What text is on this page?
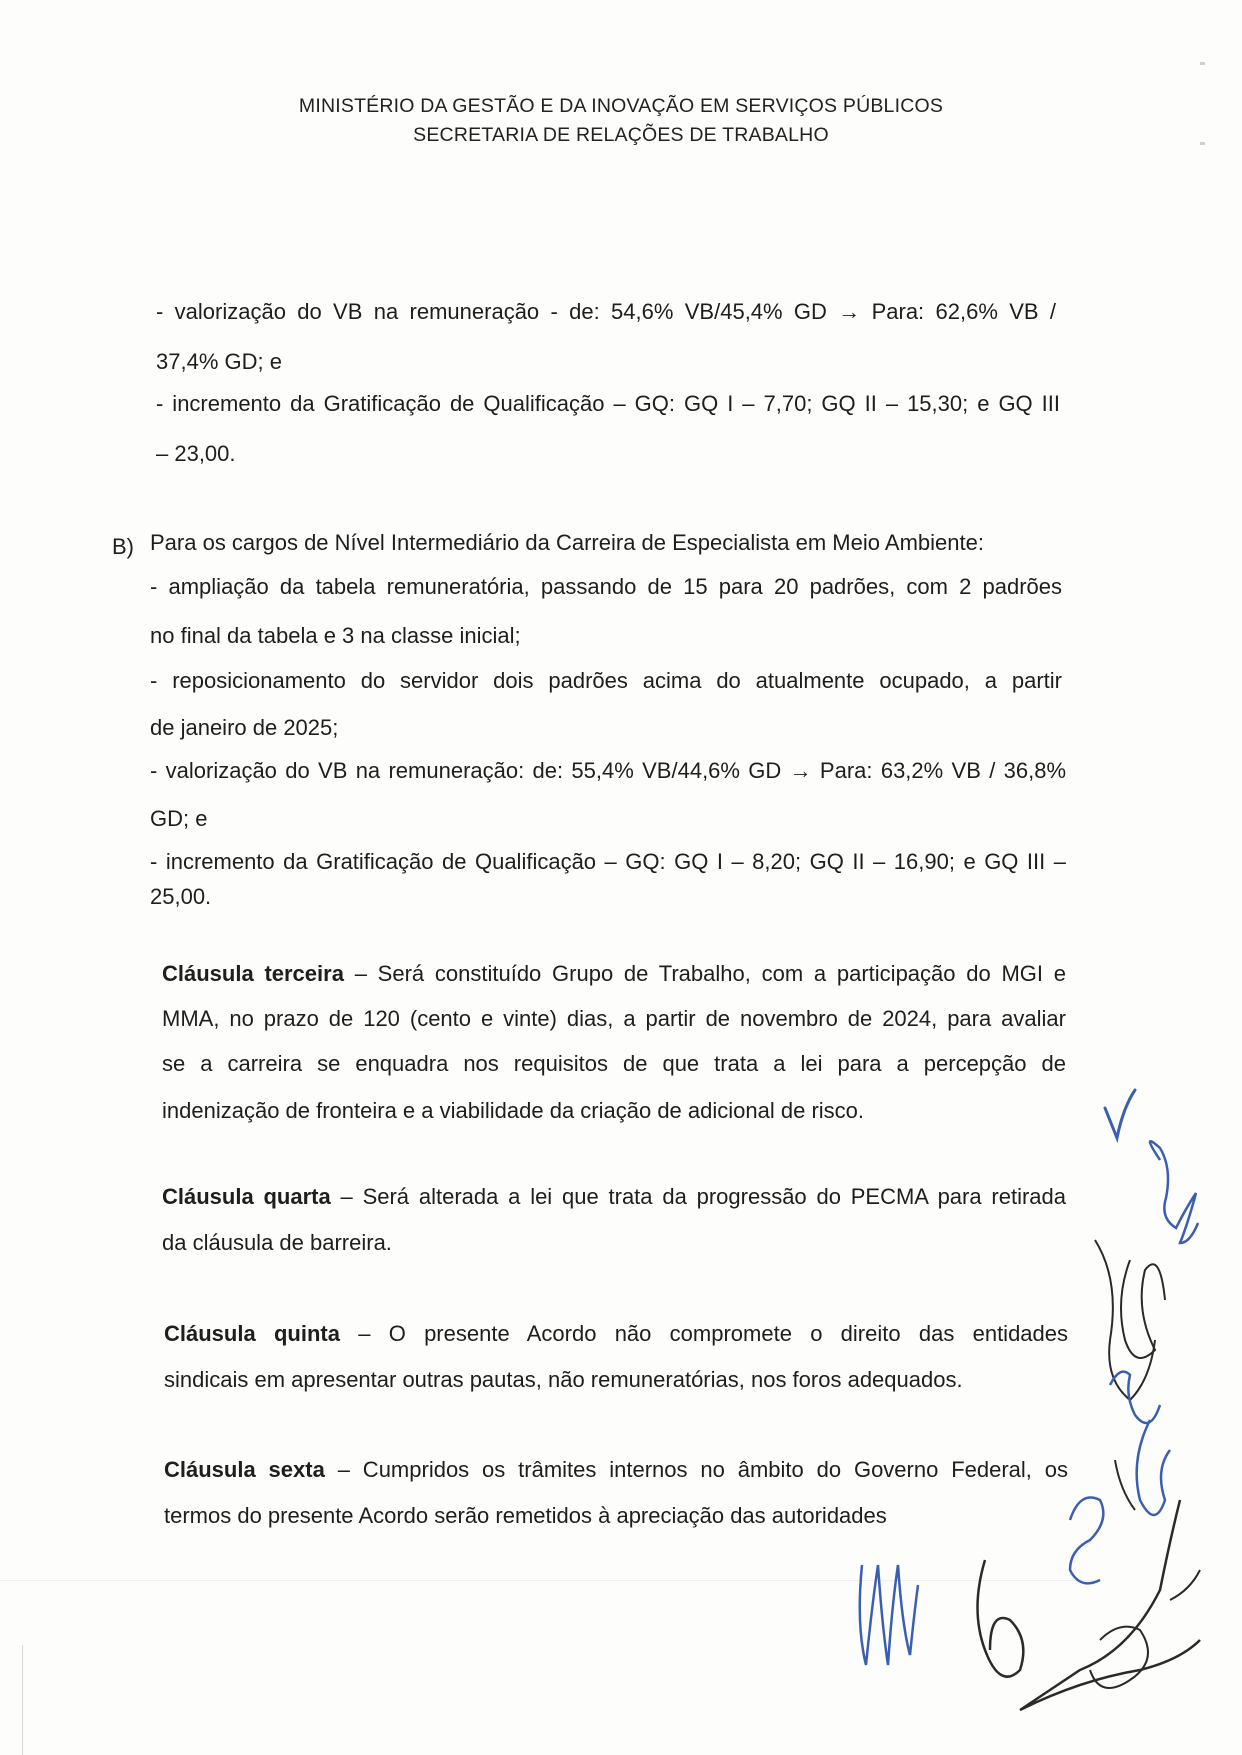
MINISTÉRIO DA GESTÃO E DA INOVAÇÃO EM SERVIÇOS PÚBLICOS
SECRETARIA DE RELAÇÕES DE TRABALHO
- valorização do VB na remuneração - de: 54,6% VB/45,4% GD → Para: 62,6% VB /
37,4% GD; e
- incremento da Gratificação de Qualificação – GQ: GQ I – 7,70; GQ II – 15,30; e GQ III
– 23,00.
B) Para os cargos de Nível Intermediário da Carreira de Especialista em Meio Ambiente:
- ampliação da tabela remuneratória, passando de 15 para 20 padrões, com 2 padrões
no final da tabela e 3 na classe inicial;
- reposicionamento do servidor dois padrões acima do atualmente ocupado, a partir
de janeiro de 2025;
- valorização do VB na remuneração: de: 55,4% VB/44,6% GD → Para: 63,2% VB / 36,8%
GD; e
- incremento da Gratificação de Qualificação – GQ: GQ I – 8,20; GQ II – 16,90; e GQ III –
25,00.
Cláusula terceira – Será constituído Grupo de Trabalho, com a participação do MGI e
MMA, no prazo de 120 (cento e vinte) dias, a partir de novembro de 2024, para avaliar
se a carreira se enquadra nos requisitos de que trata a lei para a percepção de
indenização de fronteira e a viabilidade da criação de adicional de risco.
Cláusula quarta – Será alterada a lei que trata da progressão do PECMA para retirada
da cláusula de barreira.
Cláusula quinta – O presente Acordo não compromete o direito das entidades
sindicais em apresentar outras pautas, não remuneratórias, nos foros adequados.
Cláusula sexta – Cumpridos os trâmites internos no âmbito do Governo Federal, os
termos do presente Acordo serão remetidos à apreciação das autoridades
